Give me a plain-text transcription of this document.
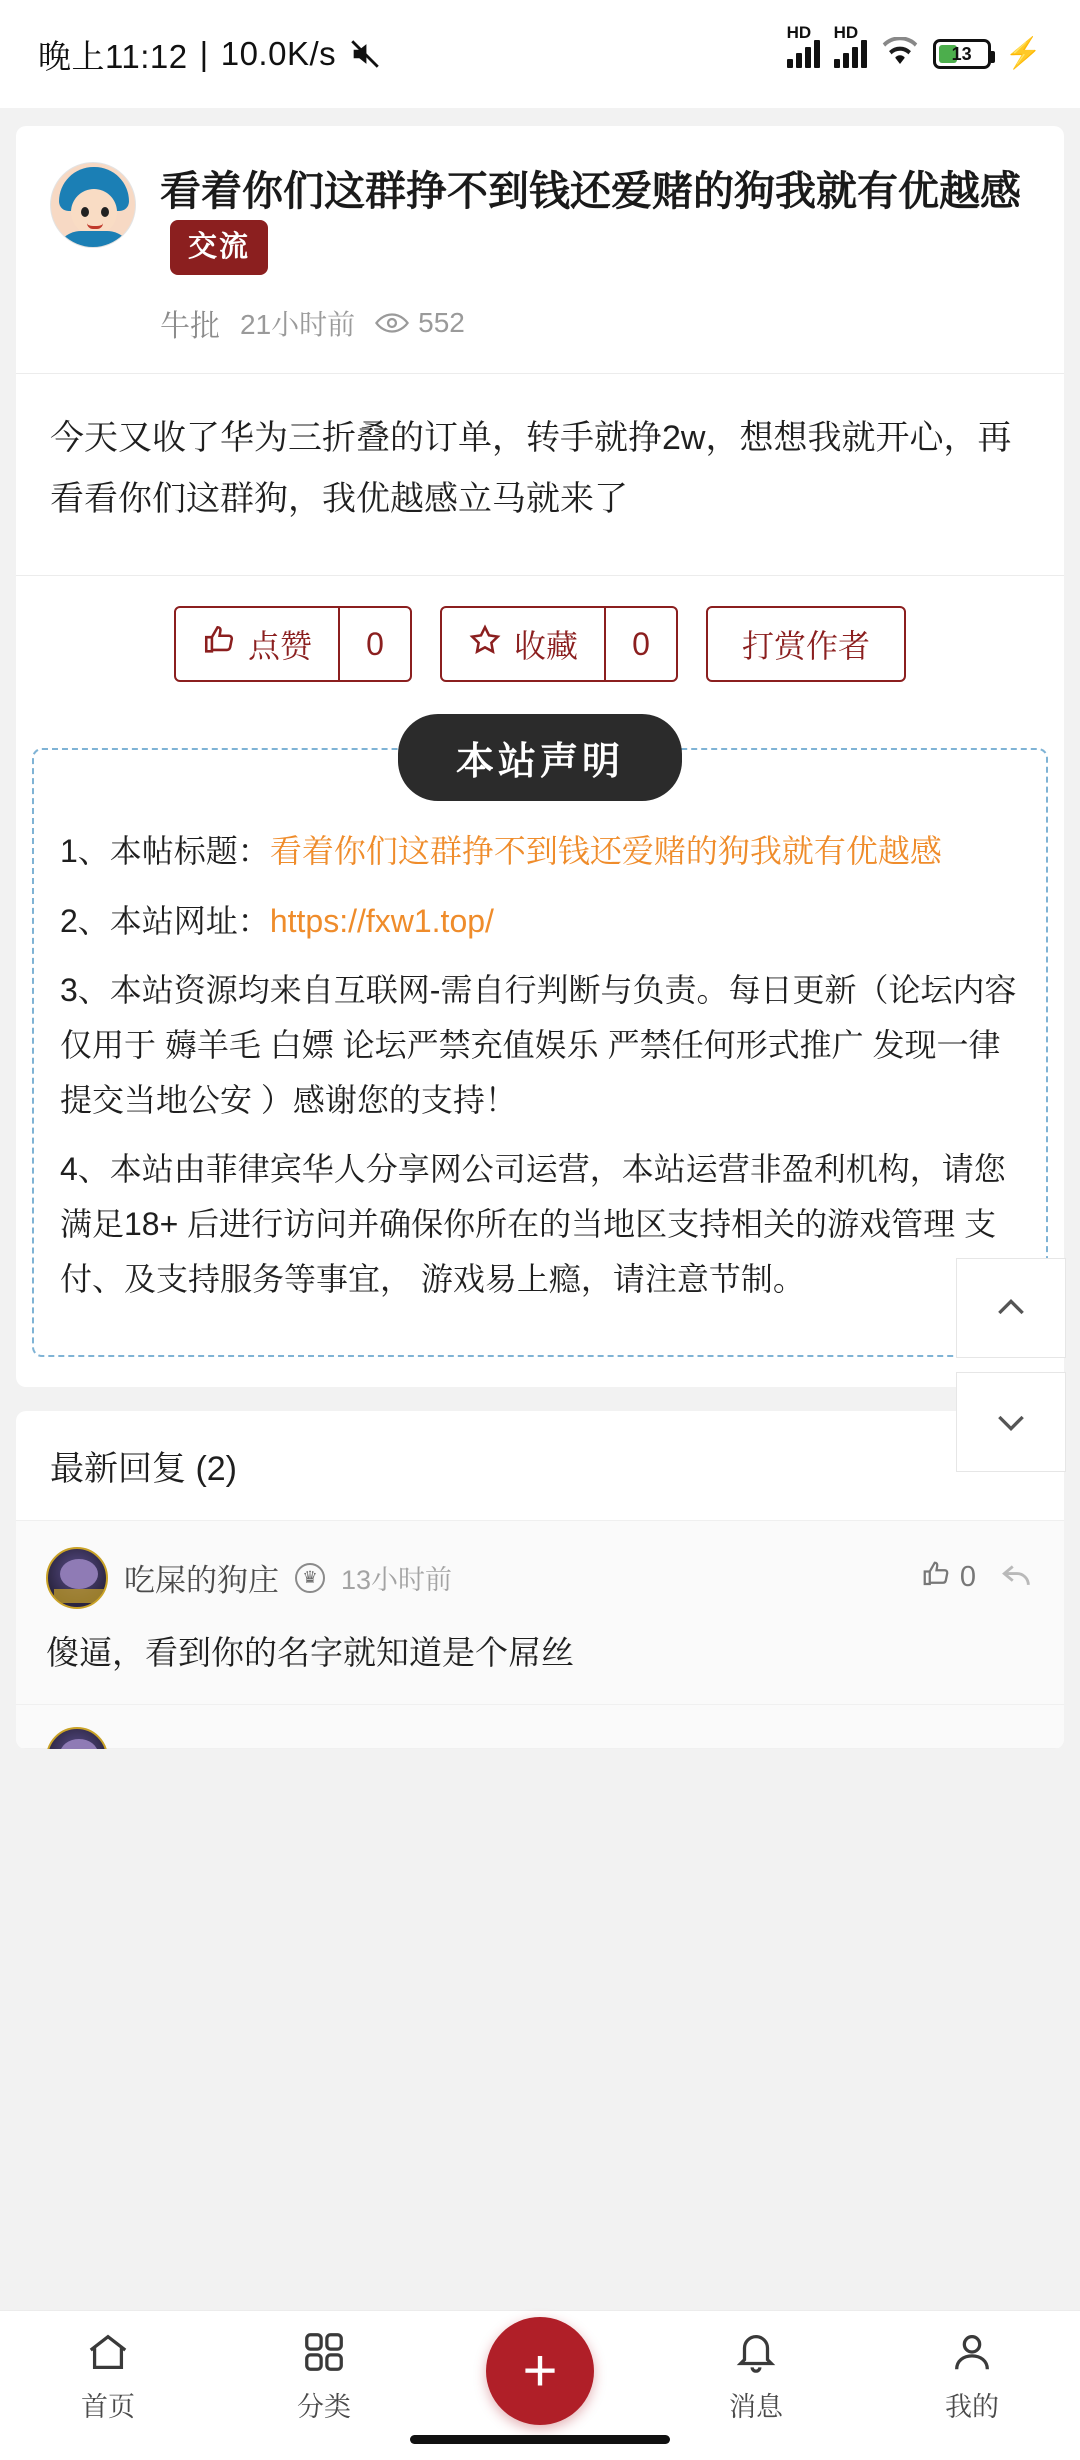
晚上11:12 | 10.0K/s
HD HD
13	⚡
看着你们这群挣不到钱还爱赌的狗我就有优越感交流
牛批 21小时前 552
今天又收了华为三折叠的订单，转手就挣2w，想想我就开心，再看看你们这群狗，我优越感立马就来了
点赞	0	收藏	0	打赏作者
本站声明
1、本帖标题：看着你们这群挣不到钱还爱赌的狗我就有优越感
2、本站网址：https://fxw1.top/
3、本站资源均来自互联网-需自行判断与负责。每日更新（论坛内容仅用于 薅羊毛 白嫖 论坛严禁充值娱乐 严禁任何形式推广 发现一律提交当地公安 ）感谢您的支持！
4、本站由菲律宾华人分享网公司运营，本站运营非盈利机构，请您满足18+ 后进行访问并确保你所在的当地区支持相关的游戏管理 支付、及支持服务等事宜， 游戏易上瘾，请注意节制。
最新回复 (2)
吃屎的狗庄	♛ 13小时前	0
傻逼，看到你的名字就知道是个屌丝
首页	分类	消息	我的
+
